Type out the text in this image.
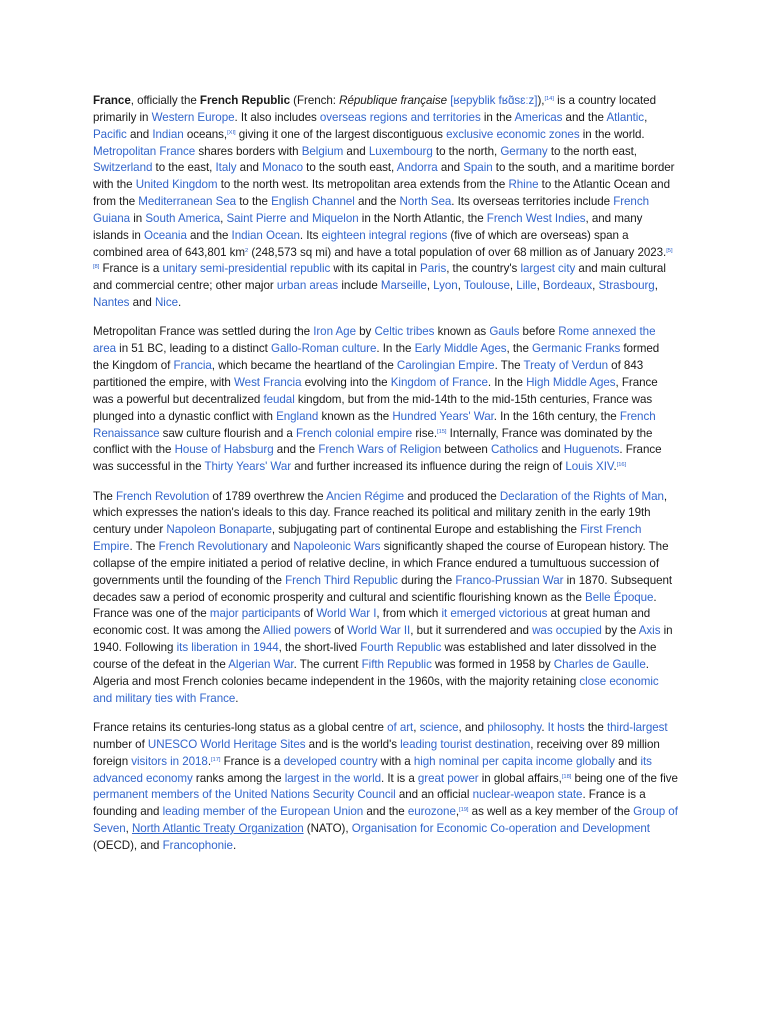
France, officially the French Republic (French: République française [ʁepyblik fʁɑ̃sɛːz]),[14] is a country located primarily in Western Europe. It also includes overseas regions and territories in the Americas and the Atlantic, Pacific and Indian oceans,[XI] giving it one of the largest discontiguous exclusive economic zones in the world. Metropolitan France shares borders with Belgium and Luxembourg to the north, Germany to the north east, Switzerland to the east, Italy and Monaco to the south east, Andorra and Spain to the south, and a maritime border with the United Kingdom to the north west. Its metropolitan area extends from the Rhine to the Atlantic Ocean and from the Mediterranean Sea to the English Channel and the North Sea. Its overseas territories include French Guiana in South America, Saint Pierre and Miquelon in the North Atlantic, the French West Indies, and many islands in Oceania and the Indian Ocean. Its eighteen integral regions (five of which are overseas) span a combined area of 643,801 $km^2$ (248,573 sq mi) and have a total population of over 68 million as of January 2023.[5][8] France is a unitary semi-presidential republic with its capital in Paris, the country's largest city and main cultural and commercial centre; other major urban areas include Marseille, Lyon, Toulouse, Lille, Bordeaux, Strasbourg, Nantes and Nice.

Metropolitan France was settled during the Iron Age by Celtic tribes known as Gauls before Rome annexed the area in 51 BC, leading to a distinct Gallo-Roman culture. In the Early Middle Ages, the Germanic Franks formed the Kingdom of Francia, which became the heartland of the Carolingian Empire. The Treaty of Verdun of 843 partitioned the empire, with West Francia evolving into the Kingdom of France. In the High Middle Ages, France was a powerful but decentralized feudal kingdom, but from the mid-14th to the mid-15th centuries, France was plunged into a dynastic conflict with England known as the Hundred Years' War. In the 16th century, the French Renaissance saw culture flourish and a French colonial empire rise.[15] Internally, France was dominated by the conflict with the House of Habsburg and the French Wars of Religion between Catholics and Huguenots. France was successful in the Thirty Years' War and further increased its influence during the reign of Louis XIV.[16]

The French Revolution of 1789 overthrew the Ancien Régime and produced the Declaration of the Rights of Man, which expresses the nation's ideals to this day. France reached its political and military zenith in the early 19th century under Napoleon Bonaparte, subjugating part of continental Europe and establishing the First French Empire. The French Revolutionary and Napoleonic Wars significantly shaped the course of European history. The collapse of the empire initiated a period of relative decline, in which France endured a tumultuous succession of governments until the founding of the French Third Republic during the Franco-Prussian War in 1870. Subsequent decades saw a period of economic prosperity and cultural and scientific flourishing known as the Belle Époque. France was one of the major participants of World War I, from which it emerged victorious at great human and economic cost. It was among the Allied powers of World War II, but it surrendered and was occupied by the Axis in 1940. Following its liberation in 1944, the short-lived Fourth Republic was established and later dissolved in the course of the defeat in the Algerian War. The current Fifth Republic was formed in 1958 by Charles de Gaulle. Algeria and most French colonies became independent in the 1960s, with the majority retaining close economic and military ties with France.

France retains its centuries-long status as a global centre of art, science, and philosophy. It hosts the third-largest number of UNESCO World Heritage Sites and is the world's leading tourist destination, receiving over 89 million foreign visitors in 2018.[17] France is a developed country with a high nominal per capita income globally and its advanced economy ranks among the largest in the world. It is a great power in global affairs,[18] being one of the five permanent members of the United Nations Security Council and an official nuclear-weapon state. France is a founding and leading member of the European Union and the eurozone,[19] as well as a key member of the Group of Seven, North Atlantic Treaty Organization (NATO), Organisation for Economic Co-operation and Development (OECD), and Francophonie.
